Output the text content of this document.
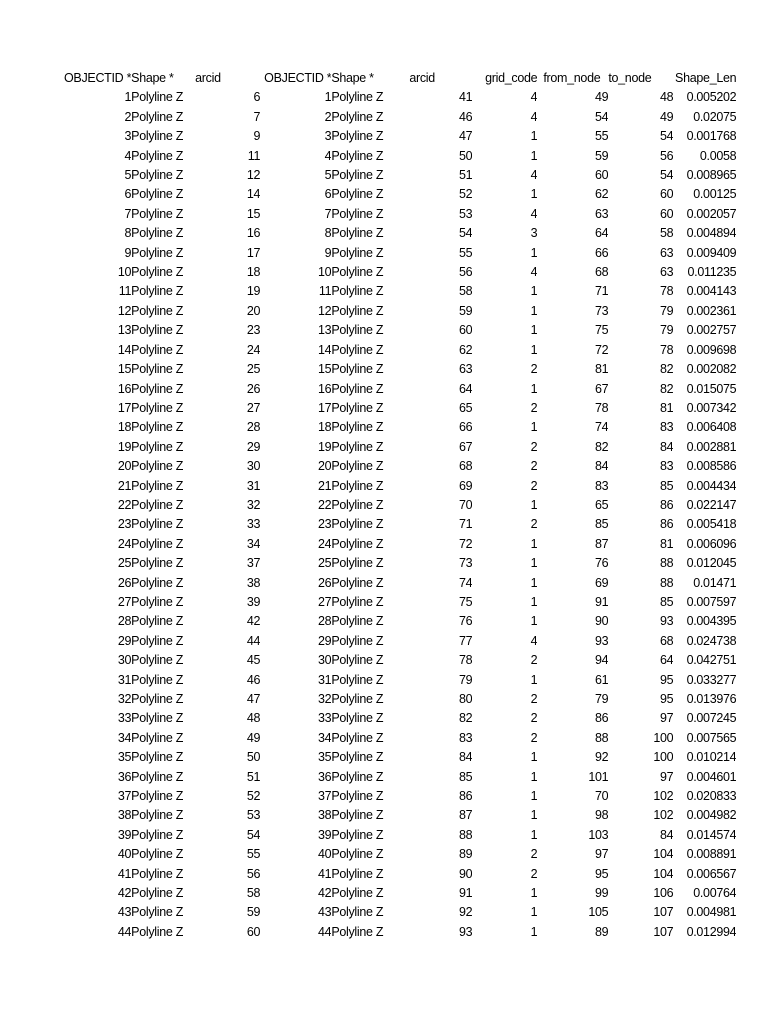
OBJECTID *	Shape *	arcid	OBJECTID *	Shape *	arcid	grid_code	from_node	to_node	Shape_Len
1	Polyline Z	6	1	Polyline Z	41	4	49	48	0.005202
2	Polyline Z	7	2	Polyline Z	46	4	54	49	0.02075
3	Polyline Z	9	3	Polyline Z	47	1	55	54	0.001768
4	Polyline Z	11	4	Polyline Z	50	1	59	56	0.0058
5	Polyline Z	12	5	Polyline Z	51	4	60	54	0.008965
6	Polyline Z	14	6	Polyline Z	52	1	62	60	0.00125
7	Polyline Z	15	7	Polyline Z	53	4	63	60	0.002057
8	Polyline Z	16	8	Polyline Z	54	3	64	58	0.004894
9	Polyline Z	17	9	Polyline Z	55	1	66	63	0.009409
10	Polyline Z	18	10	Polyline Z	56	4	68	63	0.011235
11	Polyline Z	19	11	Polyline Z	58	1	71	78	0.004143
12	Polyline Z	20	12	Polyline Z	59	1	73	79	0.002361
13	Polyline Z	23	13	Polyline Z	60	1	75	79	0.002757
14	Polyline Z	24	14	Polyline Z	62	1	72	78	0.009698
15	Polyline Z	25	15	Polyline Z	63	2	81	82	0.002082
16	Polyline Z	26	16	Polyline Z	64	1	67	82	0.015075
17	Polyline Z	27	17	Polyline Z	65	2	78	81	0.007342
18	Polyline Z	28	18	Polyline Z	66	1	74	83	0.006408
19	Polyline Z	29	19	Polyline Z	67	2	82	84	0.002881
20	Polyline Z	30	20	Polyline Z	68	2	84	83	0.008586
21	Polyline Z	31	21	Polyline Z	69	2	83	85	0.004434
22	Polyline Z	32	22	Polyline Z	70	1	65	86	0.022147
23	Polyline Z	33	23	Polyline Z	71	2	85	86	0.005418
24	Polyline Z	34	24	Polyline Z	72	1	87	81	0.006096
25	Polyline Z	37	25	Polyline Z	73	1	76	88	0.012045
26	Polyline Z	38	26	Polyline Z	74	1	69	88	0.01471
27	Polyline Z	39	27	Polyline Z	75	1	91	85	0.007597
28	Polyline Z	42	28	Polyline Z	76	1	90	93	0.004395
29	Polyline Z	44	29	Polyline Z	77	4	93	68	0.024738
30	Polyline Z	45	30	Polyline Z	78	2	94	64	0.042751
31	Polyline Z	46	31	Polyline Z	79	1	61	95	0.033277
32	Polyline Z	47	32	Polyline Z	80	2	79	95	0.013976
33	Polyline Z	48	33	Polyline Z	82	2	86	97	0.007245
34	Polyline Z	49	34	Polyline Z	83	2	88	100	0.007565
35	Polyline Z	50	35	Polyline Z	84	1	92	100	0.010214
36	Polyline Z	51	36	Polyline Z	85	1	101	97	0.004601
37	Polyline Z	52	37	Polyline Z	86	1	70	102	0.020833
38	Polyline Z	53	38	Polyline Z	87	1	98	102	0.004982
39	Polyline Z	54	39	Polyline Z	88	1	103	84	0.014574
40	Polyline Z	55	40	Polyline Z	89	2	97	104	0.008891
41	Polyline Z	56	41	Polyline Z	90	2	95	104	0.006567
42	Polyline Z	58	42	Polyline Z	91	1	99	106	0.00764
43	Polyline Z	59	43	Polyline Z	92	1	105	107	0.004981
44	Polyline Z	60	44	Polyline Z	93	1	89	107	0.012994
